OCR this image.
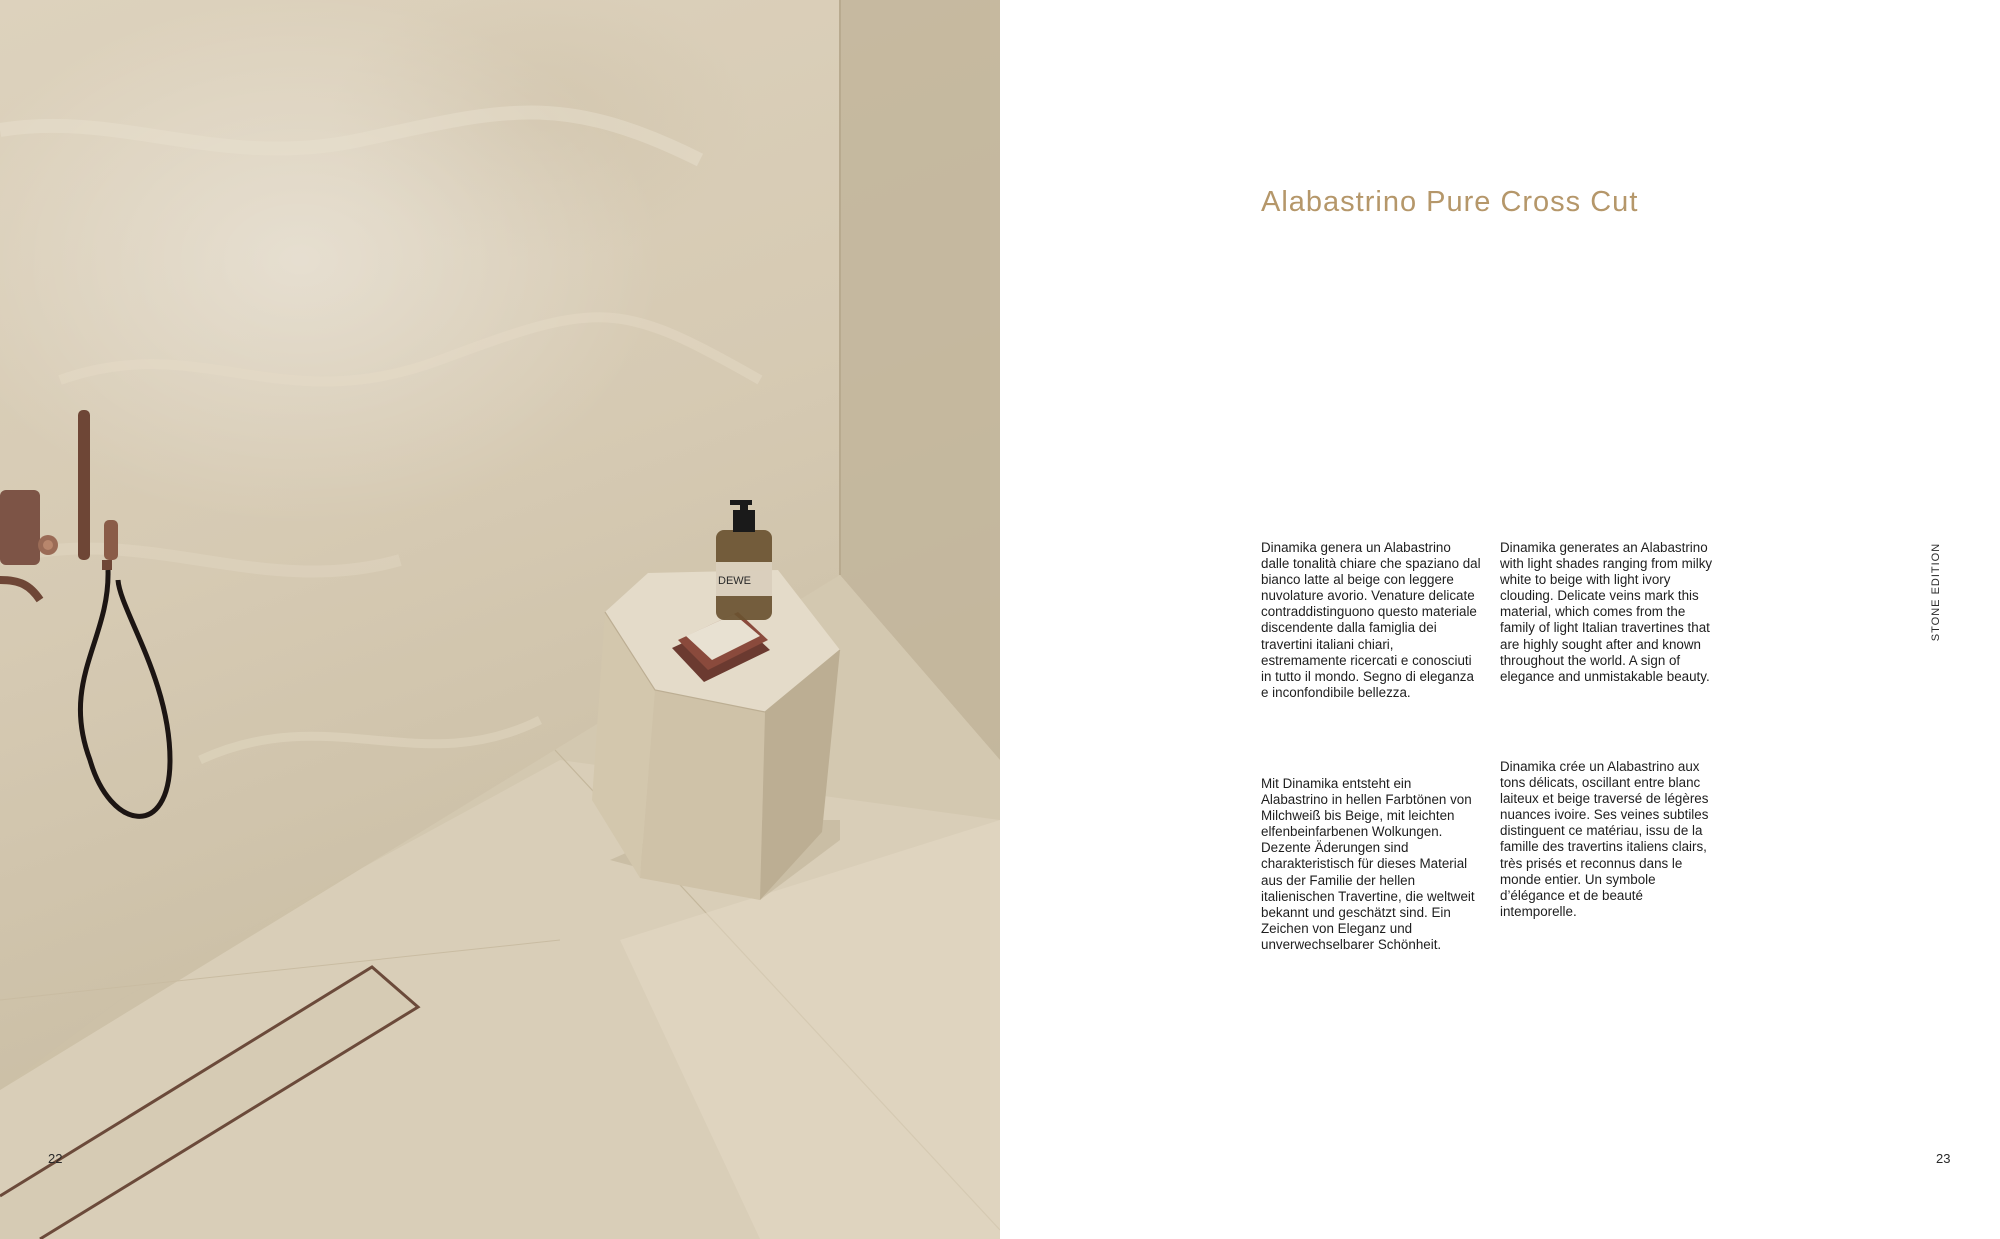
DEWE
22
Alabastrino Pure Cross Cut

Dinamika genera un Alabastrino dalle tonalità chiare che spaziano dal bianco latte al beige con leggere nuvolature avorio. Venature delicate contraddistinguono questo materiale discendente dalla famiglia dei travertini italiani chiari, estremamente ricercati e conosciuti in tutto il mondo. Segno di eleganza e inconfondibile bellezza.

Dinamika generates an Alabastrino with light shades ranging from milky white to beige with light ivory clouding. Delicate veins mark this material, which comes from the family of light Italian travertines that are highly sought after and known throughout the world. A sign of elegance and unmistakable beauty.

Mit Dinamika entsteht ein Alabastrino in hellen Farbtönen von Milchweiß bis Beige, mit leichten elfenbeinfarbenen Wolkungen. Dezente Äderungen sind charakteristisch für dieses Material aus der Familie der hellen italienischen Travertine, die weltweit bekannt und geschätzt sind. Ein Zeichen von Eleganz und unverwechselbarer Schönheit.

Dinamika crée un Alabastrino aux tons délicats, oscillant entre blanc laiteux et beige traversé de légères nuances ivoire. Ses veines subtiles distinguent ce matériau, issu de la famille des travertins italiens clairs, très prisés et reconnus dans le monde entier. Un symbole d’élégance et de beauté intemporelle.

STONE EDITION
23
